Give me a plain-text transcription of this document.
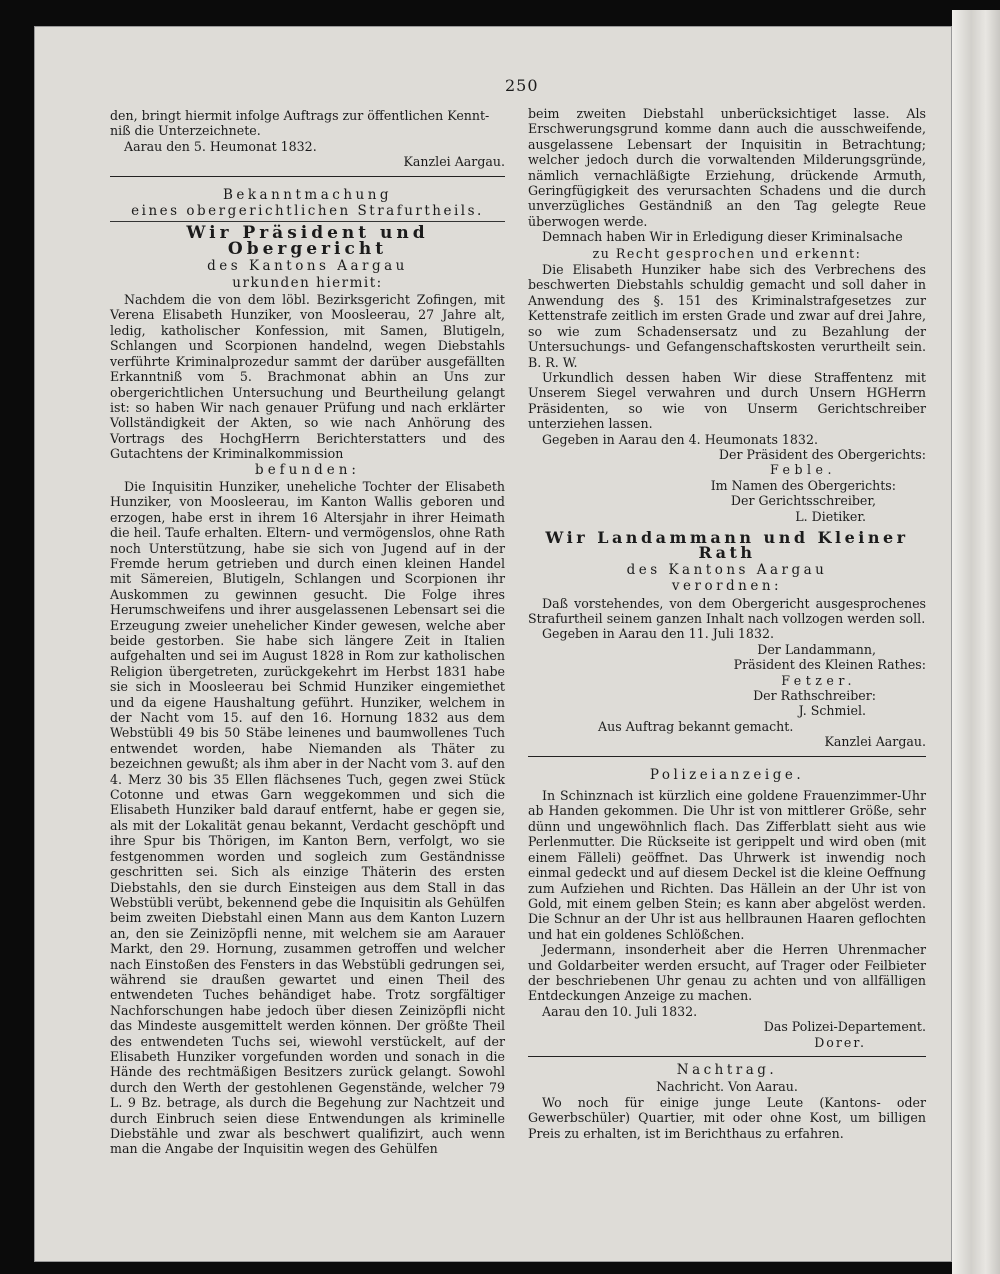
250

den, bringt hiermit infolge Auftrags zur öffentlichen Kennt-

niß die Unterzeichnete.

Aarau den 5. Heumonat 1832.

Kanzlei Aargau.

Bekanntmachung

eines obergerichtlichen Strafurtheils.

Wir Präsident und Obergericht

des Kantons Aargau

urkunden hiermit:

Nachdem die von dem löbl. Bezirksgericht Zofingen, mit Verena Elisabeth Hunziker, von Moosleerau, 27 Jahre alt, ledig, katholischer Konfession, mit Samen, Blutigeln, Schlangen und Scorpionen handelnd, wegen Diebstahls verführte Kriminalprozedur sammt der darüber ausgefällten Erkanntniß vom 5. Brachmonat abhin an Uns zur obergerichtlichen Untersuchung und Beurtheilung gelangt ist: so haben Wir nach genauer Prüfung und nach erklärter Vollständigkeit der Akten, so wie nach Anhörung des Vortrags des HochgHerrn Berichterstatters und des Gutachtens der Kriminalkommission

befunden:

Die Inquisitin Hunziker, uneheliche Tochter der Elisabeth Hunziker, von Moosleerau, im Kanton Wallis geboren und erzogen, habe erst in ihrem 16 Altersjahr in ihrer Heimath die heil. Taufe erhalten. Eltern- und vermögenslos, ohne Rath noch Unterstützung, habe sie sich von Jugend auf in der Fremde herum getrieben und durch einen kleinen Handel mit Sämereien, Blutigeln, Schlangen und Scorpionen ihr Auskommen zu gewinnen gesucht. Die Folge ihres Herumschweifens und ihrer ausgelassenen Lebensart sei die Erzeugung zweier unehelicher Kinder gewesen, welche aber beide gestorben. Sie habe sich längere Zeit in Italien aufgehalten und sei im August 1828 in Rom zur katholischen Religion übergetreten, zurückgekehrt im Herbst 1831 habe sie sich in Moosleerau bei Schmid Hunziker eingemiethet und da eigene Haushaltung geführt. Hunziker, welchem in der Nacht vom 15. auf den 16. Hornung 1832 aus dem Webstübli 49 bis 50 Stäbe leinenes und baumwollenes Tuch entwendet worden, habe Niemanden als Thäter zu bezeichnen gewußt; als ihm aber in der Nacht vom 3. auf den 4. Merz 30 bis 35 Ellen flächsenes Tuch, gegen zwei Stück Cotonne und etwas Garn weggekommen und sich die Elisabeth Hunziker bald darauf entfernt, habe er gegen sie, als mit der Lokalität genau bekannt, Verdacht geschöpft und ihre Spur bis Thörigen, im Kanton Bern, verfolgt, wo sie festgenommen worden und sogleich zum Geständnisse geschritten sei. Sich als einzige Thäterin des ersten Diebstahls, den sie durch Einsteigen aus dem Stall in das Webstübli verübt, bekennend gebe die Inquisitin als Gehülfen beim zweiten Diebstahl einen Mann aus dem Kanton Luzern an, den sie Zeinizöpfli nenne, mit welchem sie am Aarauer Markt, den 29. Hornung, zusammen getroffen und welcher nach Einstoßen des Fensters in das Webstübli gedrungen sei, während sie draußen gewartet und einen Theil des entwendeten Tuches behändiget habe. Trotz sorgfältiger Nachforschungen habe jedoch über diesen Zeinizöpfli nicht das Mindeste ausgemittelt werden können. Der größte Theil des entwendeten Tuchs sei, wiewohl verstückelt, auf der Elisabeth Hunziker vorgefunden worden und sonach in die Hände des rechtmäßigen Besitzers zurück gelangt. Sowohl durch den Werth der gestohlenen Gegenstände, welcher 79 L. 9 Bz. betrage, als durch die Begehung zur Nachtzeit und durch Einbruch seien diese Entwendungen als kriminelle Diebstähle und zwar als beschwert qualifizirt, auch wenn man die Angabe der Inquisitin wegen des Gehülfen

beim zweiten Diebstahl unberücksichtiget lasse. Als Erschwerungsgrund komme dann auch die ausschweifende, ausgelassene Lebensart der Inquisitin in Betrachtung; welcher jedoch durch die vorwaltenden Milderungsgründe, nämlich vernachläßigte Erziehung, drückende Armuth, Geringfügigkeit des verursachten Schadens und die durch unverzügliches Geständniß an den Tag gelegte Reue überwogen werde.

Demnach haben Wir in Erledigung dieser Kriminalsache

zu Recht gesprochen und erkennt:

Die Elisabeth Hunziker habe sich des Verbrechens des beschwerten Diebstahls schuldig gemacht und soll daher in Anwendung des §. 151 des Kriminalstrafgesetzes zur Kettenstrafe zeitlich im ersten Grade und zwar auf drei Jahre, so wie zum Schadensersatz und zu Bezahlung der Untersuchungs- und Gefangenschaftskosten verurtheilt sein. B. R. W.

Urkundlich dessen haben Wir diese Straffentenz mit Unserem Siegel verwahren und durch Unsern HGHerrn Präsidenten, so wie von Unserm Gerichtschreiber unterziehen lassen.

Gegeben in Aarau den 4. Heumonats 1832.

Der Präsident des Obergerichts:

Feble.

Im Namen des Obergerichts:

Der Gerichtsschreiber,

L. Dietiker.

Wir Landammann und Kleiner Rath

des Kantons Aargau

verordnen:

Daß vorstehendes, von dem Obergericht ausgesprochenes Strafurtheil seinem ganzen Inhalt nach vollzogen werden soll.

Gegeben in Aarau den 11. Juli 1832.

Der Landammann,

Präsident des Kleinen Rathes:

Fetzer.

Der Rathschreiber:

J. Schmiel.

Aus Auftrag bekannt gemacht.

Kanzlei Aargau.

Polizeianzeige.

In Schinznach ist kürzlich eine goldene Frauenzimmer-Uhr ab Handen gekommen. Die Uhr ist von mittlerer Größe, sehr dünn und ungewöhnlich flach. Das Zifferblatt sieht aus wie Perlenmutter. Die Rückseite ist gerippelt und wird oben (mit einem Fälleli) geöffnet. Das Uhrwerk ist inwendig noch einmal gedeckt und auf diesem Deckel ist die kleine Oeffnung zum Aufziehen und Richten. Das Hällein an der Uhr ist von Gold, mit einem gelben Stein; es kann aber abgelöst werden. Die Schnur an der Uhr ist aus hellbraunen Haaren geflochten und hat ein goldenes Schlößchen.

Jedermann, insonderheit aber die Herren Uhrenmacher und Goldarbeiter werden ersucht, auf Trager oder Feilbieter der beschriebenen Uhr genau zu achten und von allfälligen Entdeckungen Anzeige zu machen.

Aarau den 10. Juli 1832.

Das Polizei-Departement.

Dorer.

Nachtrag.

Nachricht. Von Aarau.

Wo noch für einige junge Leute (Kantons- oder Gewerbschüler) Quartier, mit oder ohne Kost, um billigen Preis zu erhalten, ist im Berichthaus zu erfahren.
